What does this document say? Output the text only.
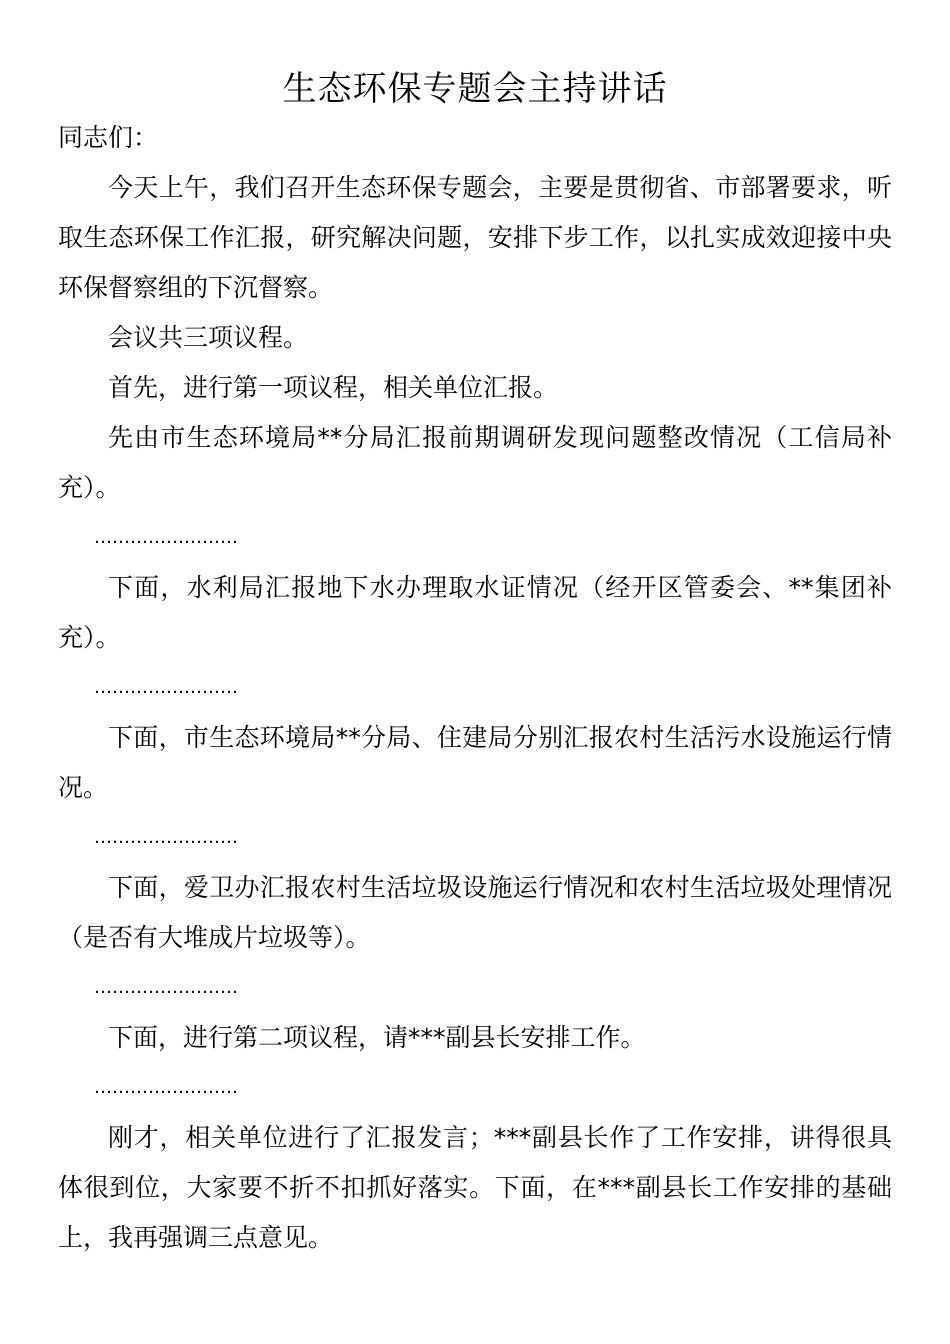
生态环保专题会主持讲话

同志们：

今天上午，我们召开生态环保专题会，主要是贯彻省、市部署要求，听取生态环保工作汇报，研究解决问题，安排下步工作，以扎实成效迎接中央环保督察组的下沉督察。

会议共三项议程。

首先，进行第一项议程，相关单位汇报。

先由市生态环境局**分局汇报前期调研发现问题整改情况（工信局补充）。

……………………

下面，水利局汇报地下水办理取水证情况（经开区管委会、**集团补充）。

……………………

下面，市生态环境局**分局、住建局分别汇报农村生活污水设施运行情况。

……………………

下面，爱卫办汇报农村生活垃圾设施运行情况和农村生活垃圾处理情况（是否有大堆成片垃圾等）。

……………………

下面，进行第二项议程，请***副县长安排工作。

……………………

刚才，相关单位进行了汇报发言；***副县长作了工作安排，讲得很具体很到位，大家要不折不扣抓好落实。下面，在***副县长工作安排的基础上，我再强调三点意见。
